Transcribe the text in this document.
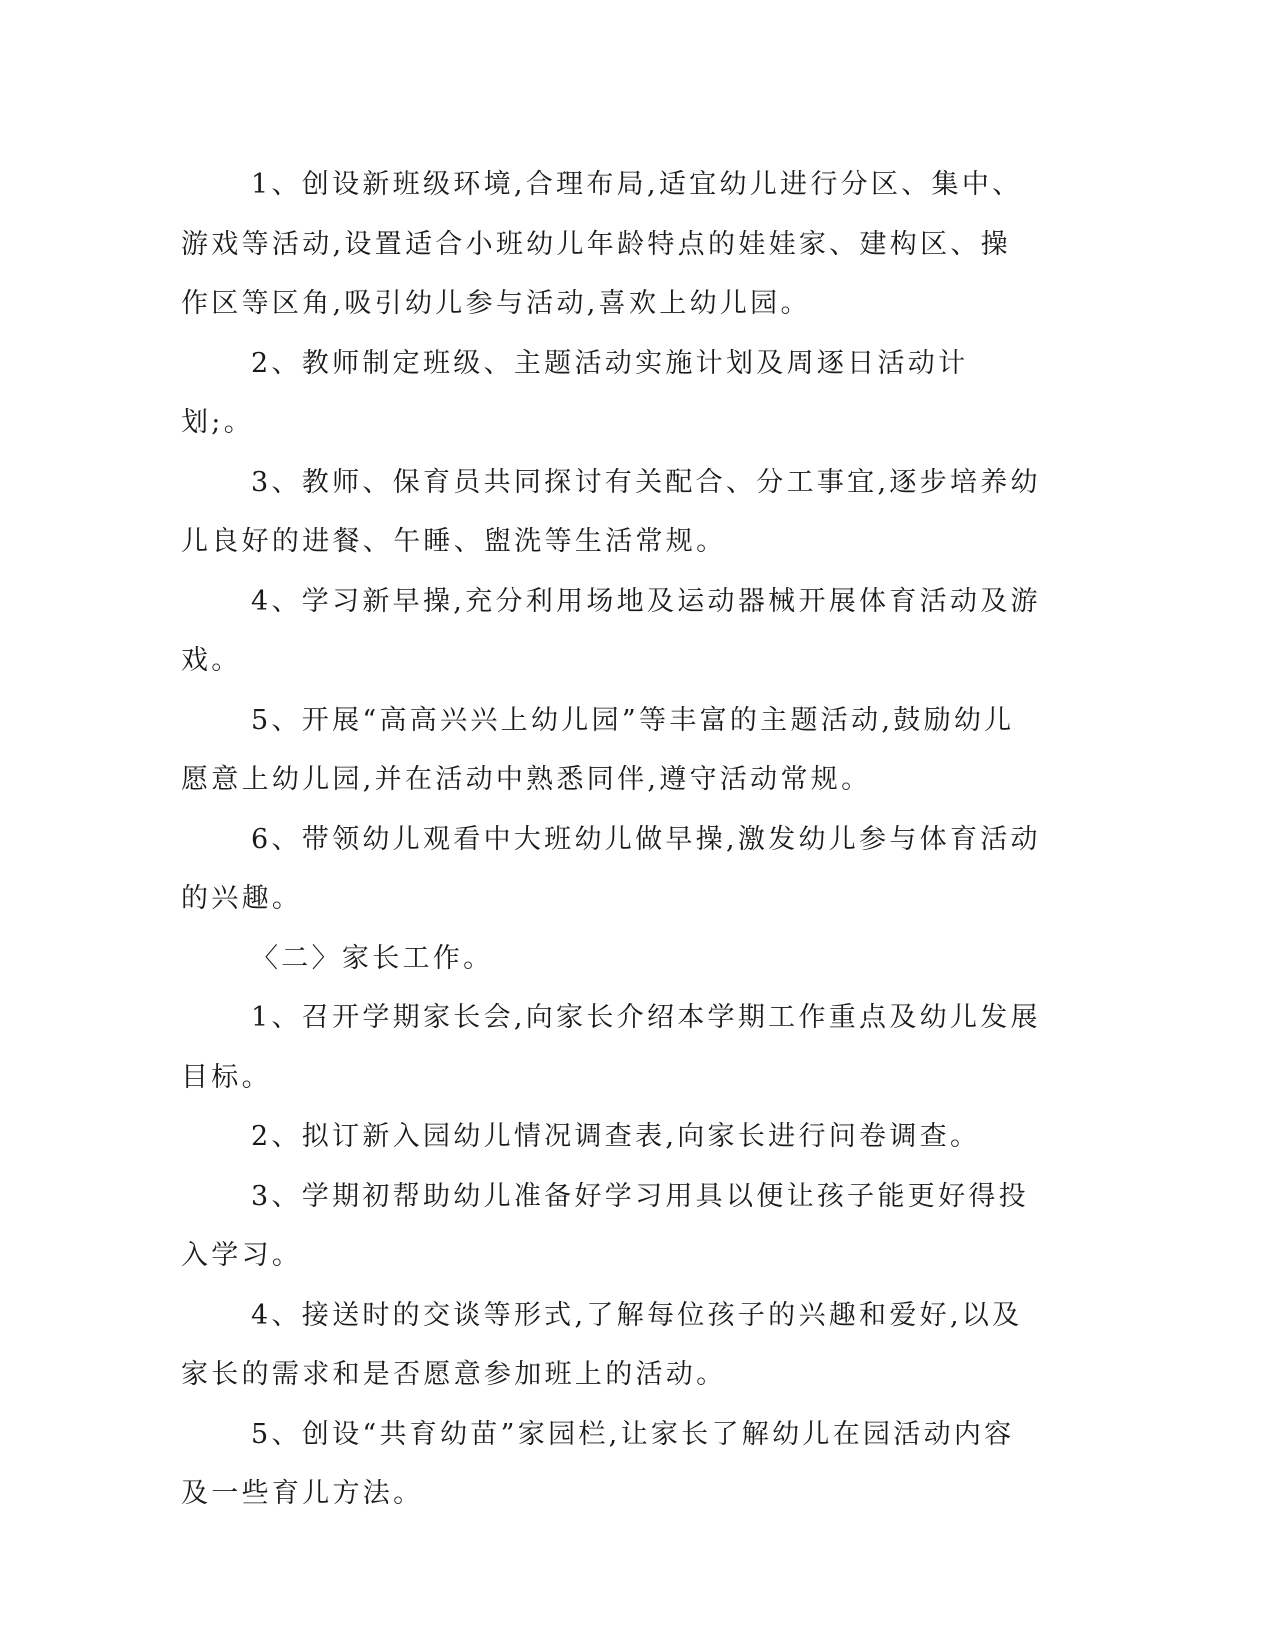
1、创设新班级环境,合理布局,适宜幼儿进行分区、集中、游戏等活动,设置适合小班幼儿年龄特点的娃娃家、建构区、操作区等区角,吸引幼儿参与活动,喜欢上幼儿园。

2、教师制定班级、主题活动实施计划及周逐日活动计划;。

3、教师、保育员共同探讨有关配合、分工事宜,逐步培养幼儿良好的进餐、午睡、盥洗等生活常规。

4、学习新早操,充分利用场地及运动器械开展体育活动及游戏。

5、开展“高高兴兴上幼儿园”等丰富的主题活动,鼓励幼儿愿意上幼儿园,并在活动中熟悉同伴,遵守活动常规。

6、带领幼儿观看中大班幼儿做早操,激发幼儿参与体育活动的兴趣。

〈二〉家长工作。

1、召开学期家长会,向家长介绍本学期工作重点及幼儿发展目标。

2、拟订新入园幼儿情况调查表,向家长进行问卷调查。

3、学期初帮助幼儿准备好学习用具以便让孩子能更好得投入学习。

4、接送时的交谈等形式,了解每位孩子的兴趣和爱好,以及家长的需求和是否愿意参加班上的活动。

5、创设“共育幼苗”家园栏,让家长了解幼儿在园活动内容及一些育儿方法。
